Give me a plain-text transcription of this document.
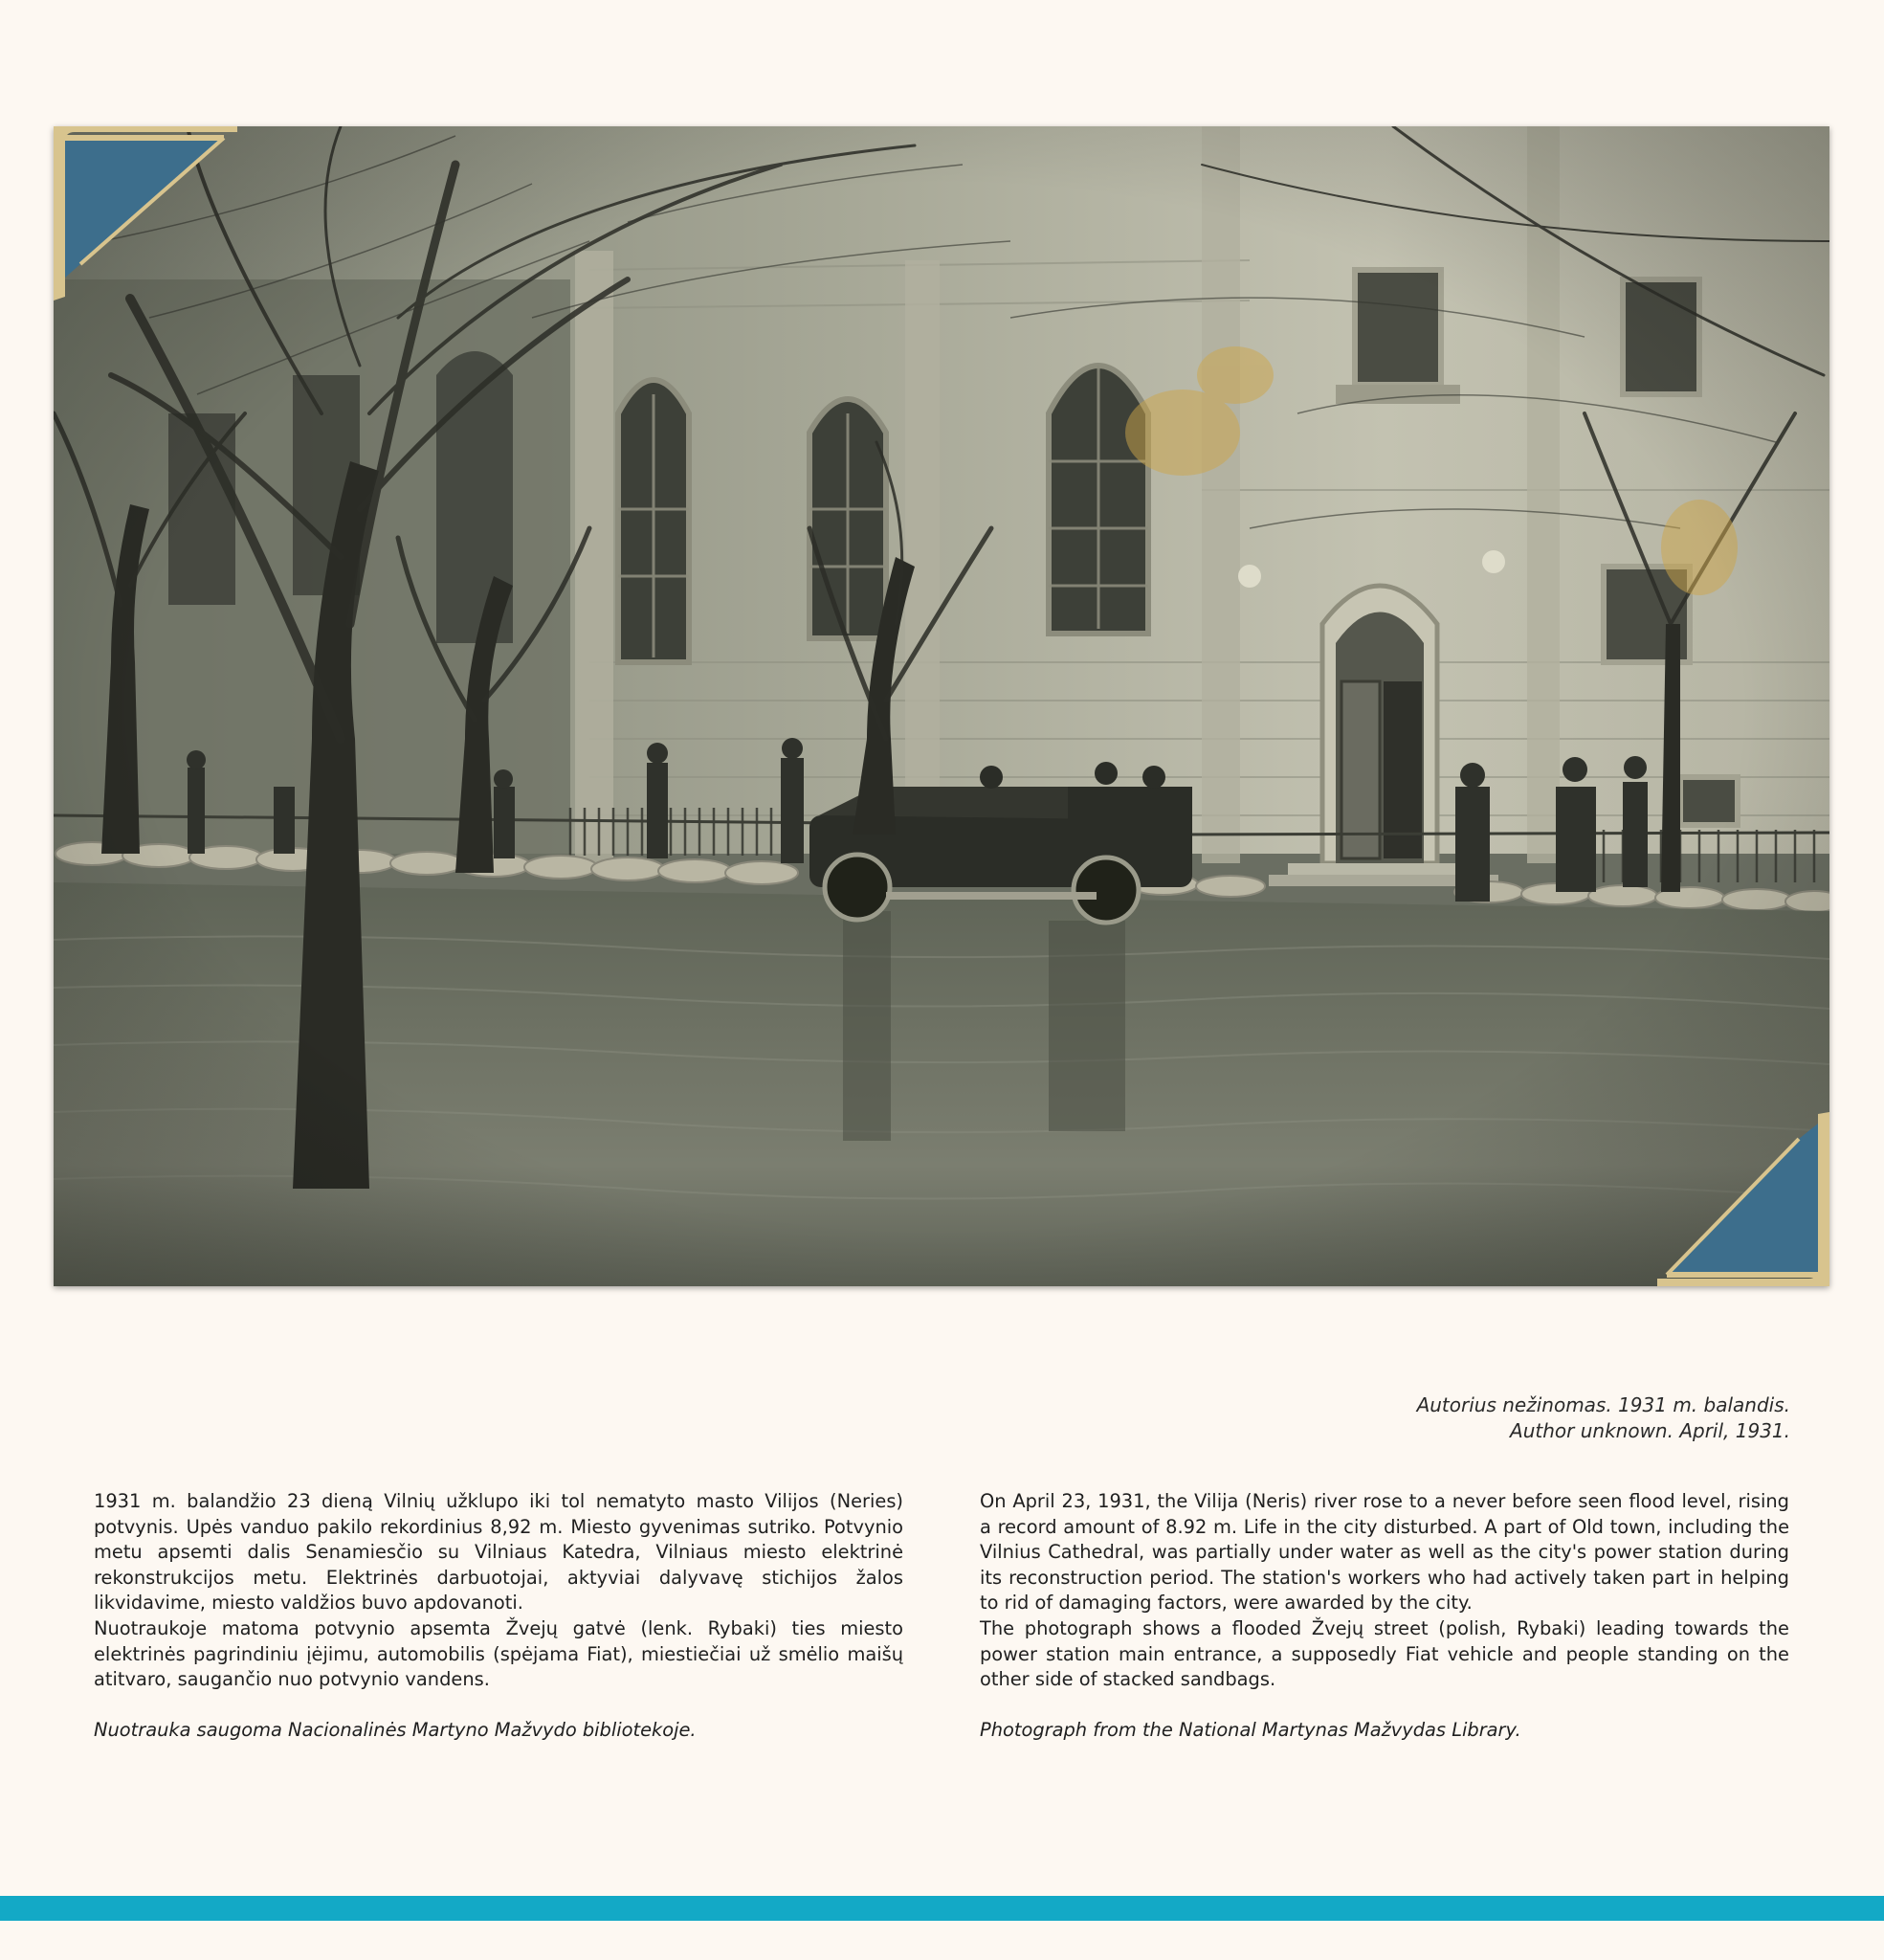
Autorius nežinomas. 1931 m. balandis.
Author unknown. April, 1931.

1931 m. balandžio 23 dieną Vilnių užklupo iki tol nematyto masto Vilijos (Neries) potvynis. Upės vanduo pakilo rekordinius 8,92 m. Miesto gyvenimas sutriko. Potvynio metu apsemti dalis Senamiesčio su Vilniaus Katedra, Vilniaus miesto elektrinė rekonstrukcijos metu. Elektrinės darbuotojai, aktyviai dalyvavę stichijos žalos likvidavime, miesto valdžios buvo apdovanoti.

Nuotraukoje matoma potvynio apsemta Žvejų gatvė (lenk. Rybaki) ties miesto elektrinės pagrindiniu įėjimu, automobilis (spėjama Fiat), miestiečiai už smėlio maišų atitvaro, saugančio nuo potvynio vandens.

Nuotrauka saugoma Nacionalinės Martyno Mažvydo bibliotekoje.

On April 23, 1931, the Vilija (Neris) river rose to a never before seen flood level, rising a record amount of 8.92 m. Life in the city disturbed. A part of Old town, including the Vilnius Cathedral, was partially under water as well as the city's power station during its reconstruction period. The station's workers who had actively taken part in helping to rid of damaging factors, were awarded by the city.

The photograph shows a flooded Žvejų street (polish, Rybaki) leading towards the power station main entrance, a supposedly Fiat vehicle and people standing on the other side of stacked sandbags.

Photograph from the National Martynas Mažvydas Library.
